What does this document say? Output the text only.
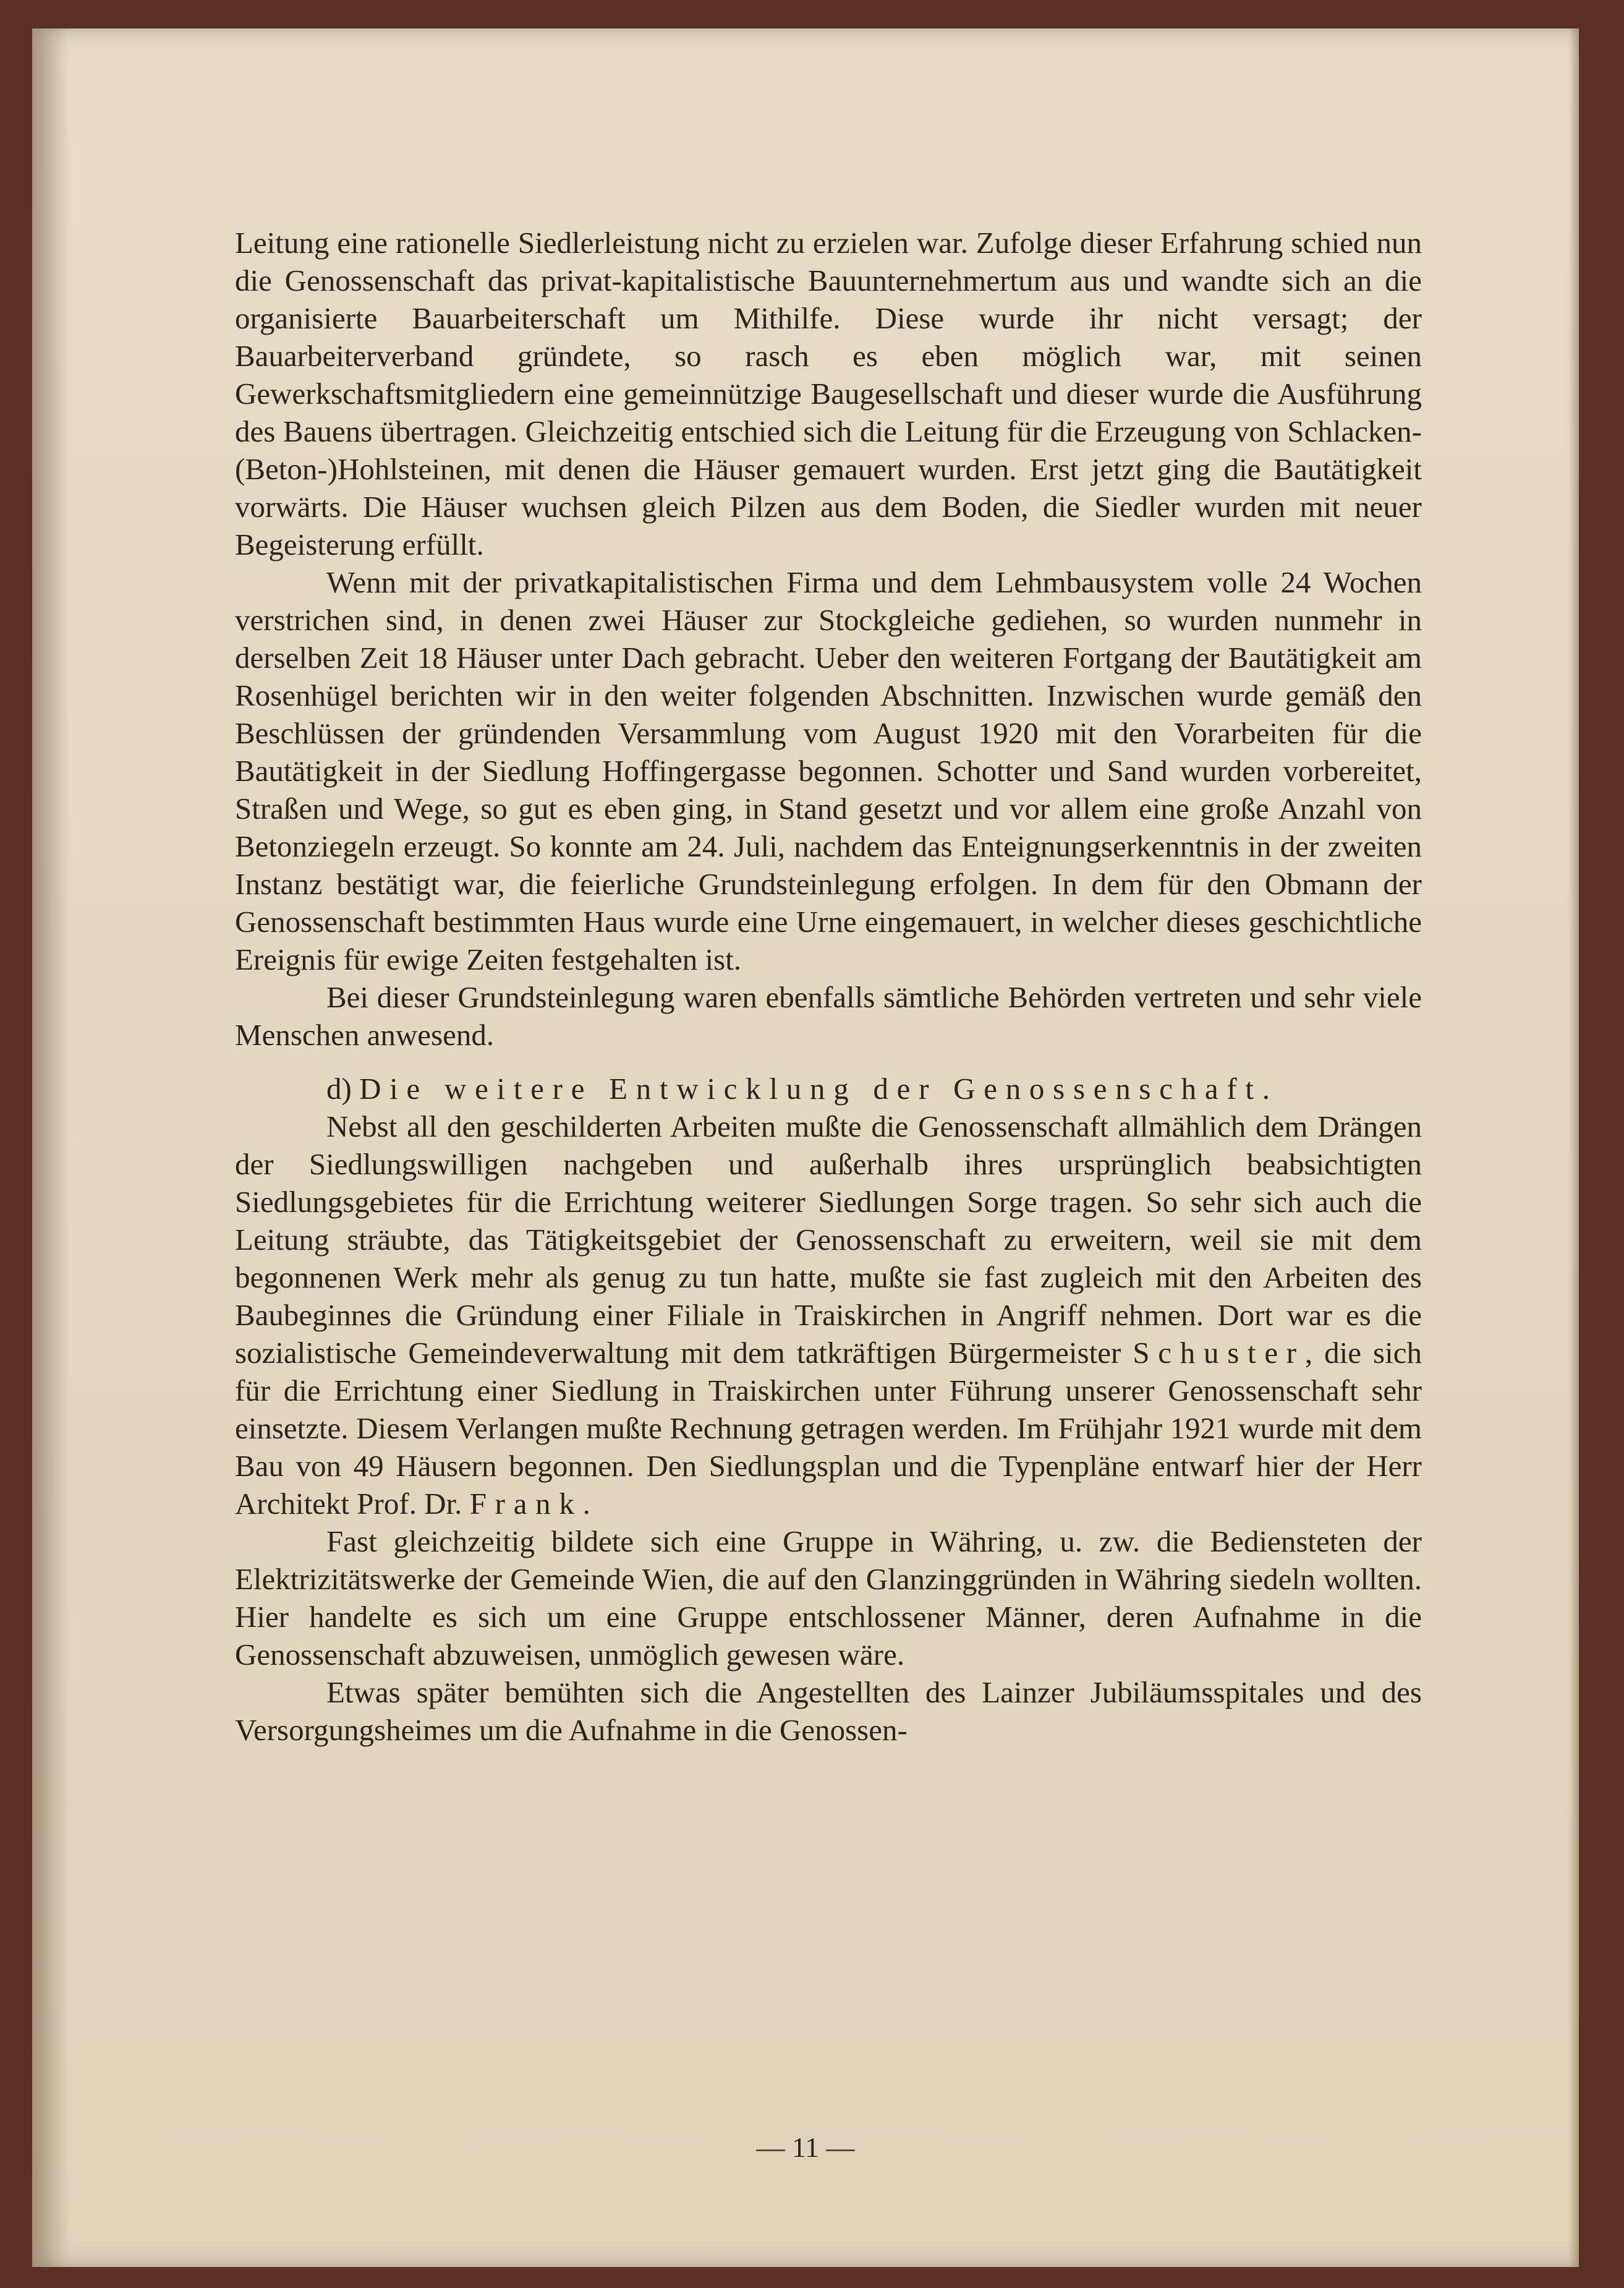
Leitung eine rationelle Siedlerleistung nicht zu erzielen war. Zufolge dieser Erfahrung schied nun die Genossenschaft das privat-kapitalistische Bauunternehmertum aus und wandte sich an die organisierte Bauarbeiterschaft um Mithilfe. Diese wurde ihr nicht versagt; der Bauarbeiterverband gründete, so rasch es eben möglich war, mit seinen Gewerkschaftsmitgliedern eine gemeinnützige Baugesellschaft und dieser wurde die Ausführung des Bauens übertragen. Gleichzeitig entschied sich die Leitung für die Erzeugung von Schlacken-(Beton-)Hohlsteinen, mit denen die Häuser gemauert wurden. Erst jetzt ging die Bautätigkeit vorwärts. Die Häuser wuchsen gleich Pilzen aus dem Boden, die Siedler wurden mit neuer Begeisterung erfüllt.

Wenn mit der privatkapitalistischen Firma und dem Lehmbausystem volle 24 Wochen verstrichen sind, in denen zwei Häuser zur Stockgleiche gediehen, so wurden nunmehr in derselben Zeit 18 Häuser unter Dach gebracht. Ueber den weiteren Fortgang der Bautätigkeit am Rosenhügel berichten wir in den weiter folgenden Abschnitten. Inzwischen wurde gemäß den Beschlüssen der gründenden Versammlung vom August 1920 mit den Vorarbeiten für die Bautätigkeit in der Siedlung Hoffingergasse begonnen. Schotter und Sand wurden vorbereitet, Straßen und Wege, so gut es eben ging, in Stand gesetzt und vor allem eine große Anzahl von Betonziegeln erzeugt. So konnte am 24. Juli, nachdem das Enteignungserkenntnis in der zweiten Instanz bestätigt war, die feierliche Grundsteinlegung erfolgen. In dem für den Obmann der Genossenschaft bestimmten Haus wurde eine Urne eingemauert, in welcher dieses geschichtliche Ereignis für ewige Zeiten festgehalten ist.

Bei dieser Grundsteinlegung waren ebenfalls sämtliche Behörden vertreten und sehr viele Menschen anwesend.

d) Die weitere Entwicklung der Genossenschaft.

Nebst all den geschilderten Arbeiten mußte die Genossenschaft allmählich dem Drängen der Siedlungswilligen nachgeben und außerhalb ihres ursprünglich beabsichtigten Siedlungsgebietes für die Errichtung weiterer Siedlungen Sorge tragen. So sehr sich auch die Leitung sträubte, das Tätigkeitsgebiet der Genossenschaft zu erweitern, weil sie mit dem begonnenen Werk mehr als genug zu tun hatte, mußte sie fast zugleich mit den Arbeiten des Baubeginnes die Gründung einer Filiale in Traiskirchen in Angriff nehmen. Dort war es die sozialistische Gemeindeverwaltung mit dem tatkräftigen Bürgermeister Schuster, die sich für die Errichtung einer Siedlung in Traiskirchen unter Führung unserer Genossenschaft sehr einsetzte. Diesem Verlangen mußte Rechnung getragen werden. Im Frühjahr 1921 wurde mit dem Bau von 49 Häusern begonnen. Den Siedlungsplan und die Typenpläne entwarf hier der Herr Architekt Prof. Dr. Frank.

Fast gleichzeitig bildete sich eine Gruppe in Währing, u. zw. die Bediensteten der Elektrizitätswerke der Gemeinde Wien, die auf den Glanzinggründen in Währing siedeln wollten. Hier handelte es sich um eine Gruppe entschlossener Männer, deren Aufnahme in die Genossenschaft abzuweisen, unmöglich gewesen wäre.

Etwas später bemühten sich die Angestellten des Lainzer Jubiläumsspitales und des Versorgungsheimes um die Aufnahme in die Genossen-

— 11 —
